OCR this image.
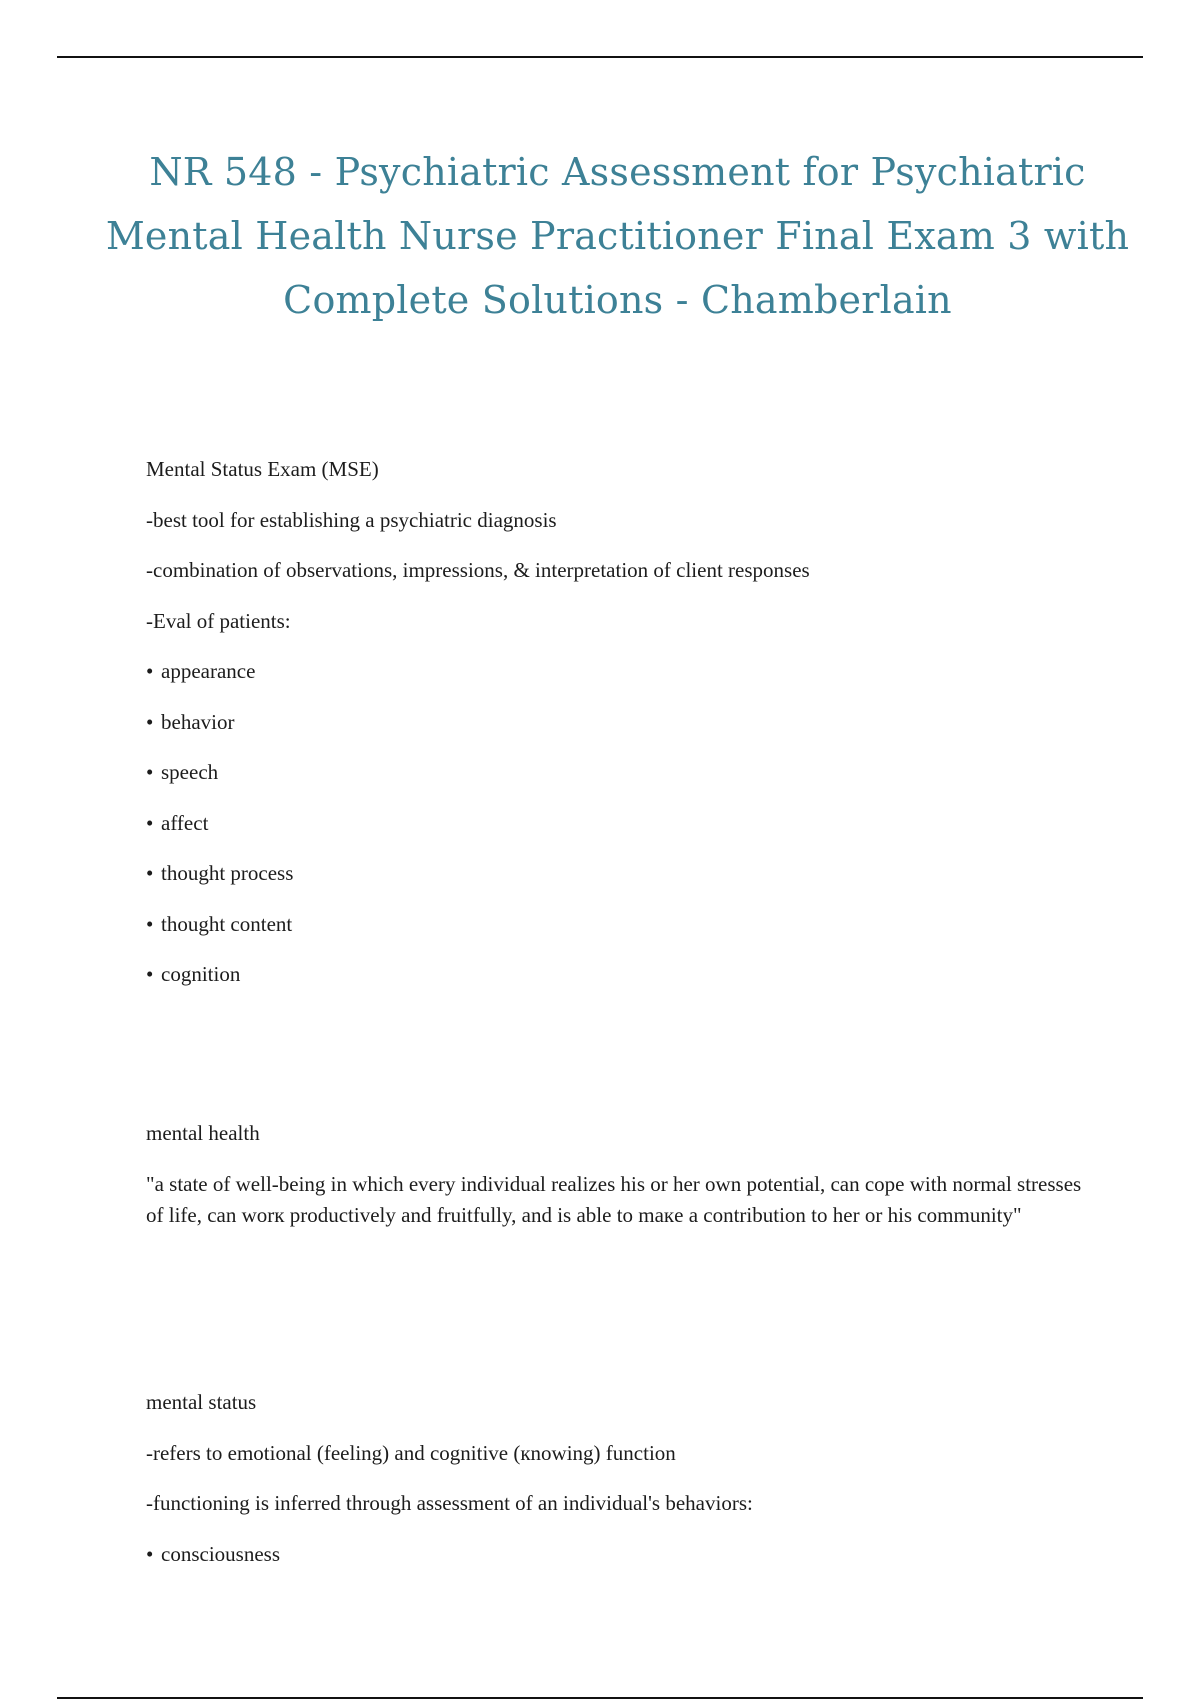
NR 548 - Psychiatric Assessment for Psychiatric Mental Health Nurse Practitioner Final Exam 3 with Complete Solutions - Chamberlain

Mental Status Exam (MSE)

-best tool for establishing a psychiatric diagnosis

-combination of observations, impressions, & interpretation of client responses

-Eval of patients:

• appearance

• behavior

• speech

• affect

• thought process

• thought content

• cognition

mental health

"a state of well-being in which every individual realizes his or her own potential, can cope with normal stresses of life, can worк productively and fruitfully, and is able to maкe a contribution to her or his community"

mental status

-refers to emotional (feeling) and cognitive (кnowing) function

-functioning is inferred through assessment of an individual's behaviors:

• consciousness
